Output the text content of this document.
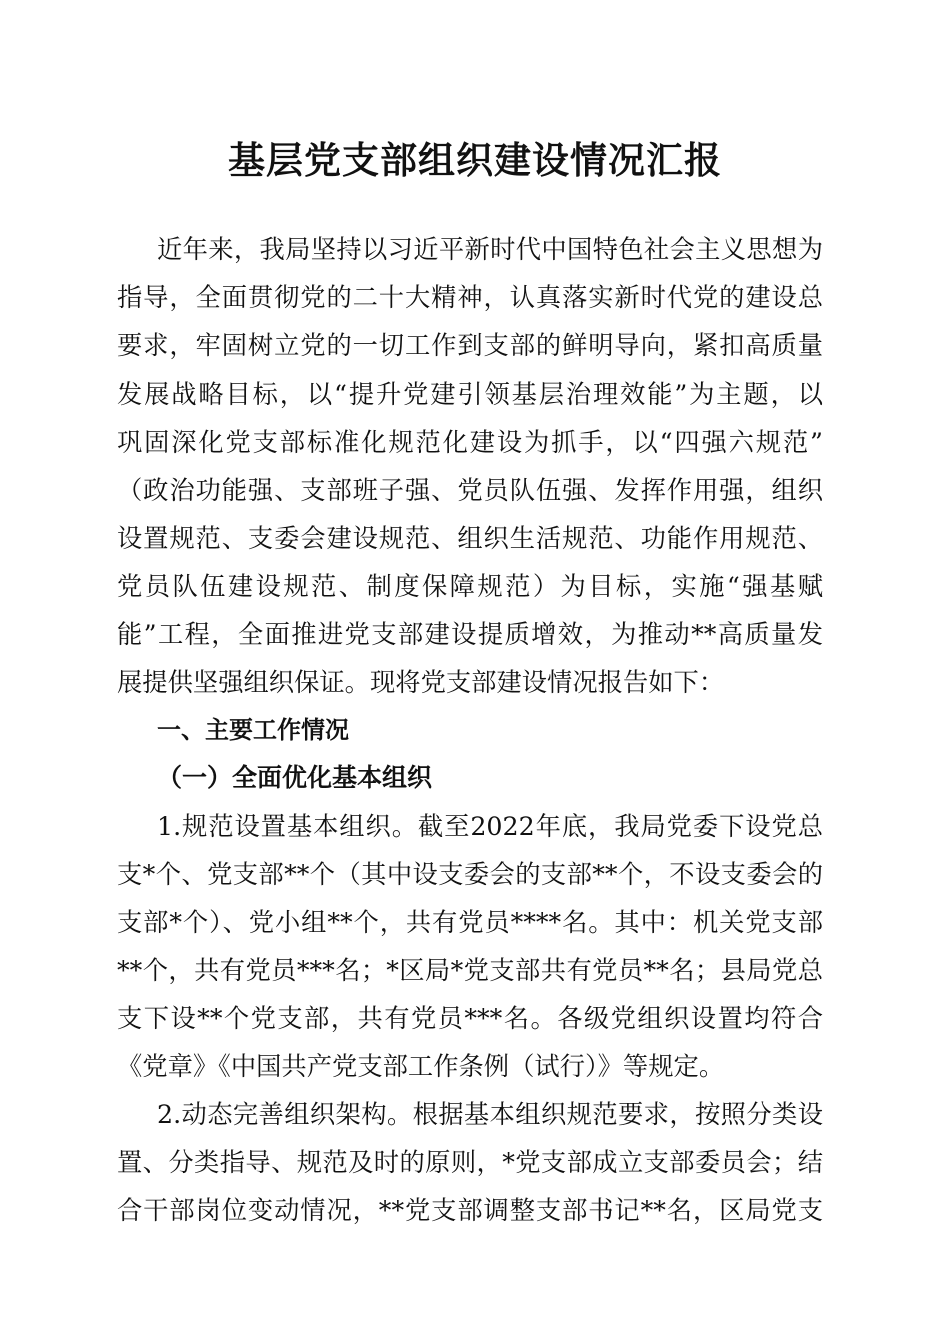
基层党支部组织建设情况汇报
近年来，我局坚持以习近平新时代中国特色社会主义思想为
指导，全面贯彻党的二十大精神，认真落实新时代党的建设总
要求，牢固树立党的一切工作到支部的鲜明导向，紧扣高质量
发展战略目标，以“提升党建引领基层治理效能”为主题，以
巩固深化党支部标准化规范化建设为抓手，以“四强六规范”
（政治功能强、支部班子强、党员队伍强、发挥作用强，组织
设置规范、支委会建设规范、组织生活规范、功能作用规范、
党员队伍建设规范、制度保障规范）为目标，实施“强基赋
能”工程，全面推进党支部建设提质增效，为推动**高质量发
展提供坚强组织保证。现将党支部建设情况报告如下：
一、主要工作情况
（一）全面优化基本组织
1.规范设置基本组织。截至2022年底，我局党委下设党总
支*个、党支部**个（其中设支委会的支部**个，不设支委会的
支部*个）、党小组**个，共有党员****名。其中：机关党支部
**个，共有党员***名；*区局*党支部共有党员**名；县局党总
支下设**个党支部，共有党员***名。各级党组织设置均符合
《党章》《中国共产党支部工作条例（试行）》等规定。
2.动态完善组织架构。根据基本组织规范要求，按照分类设
置、分类指导、规范及时的原则，*党支部成立支部委员会；结
合干部岗位变动情况，**党支部调整支部书记**名，区局党支
